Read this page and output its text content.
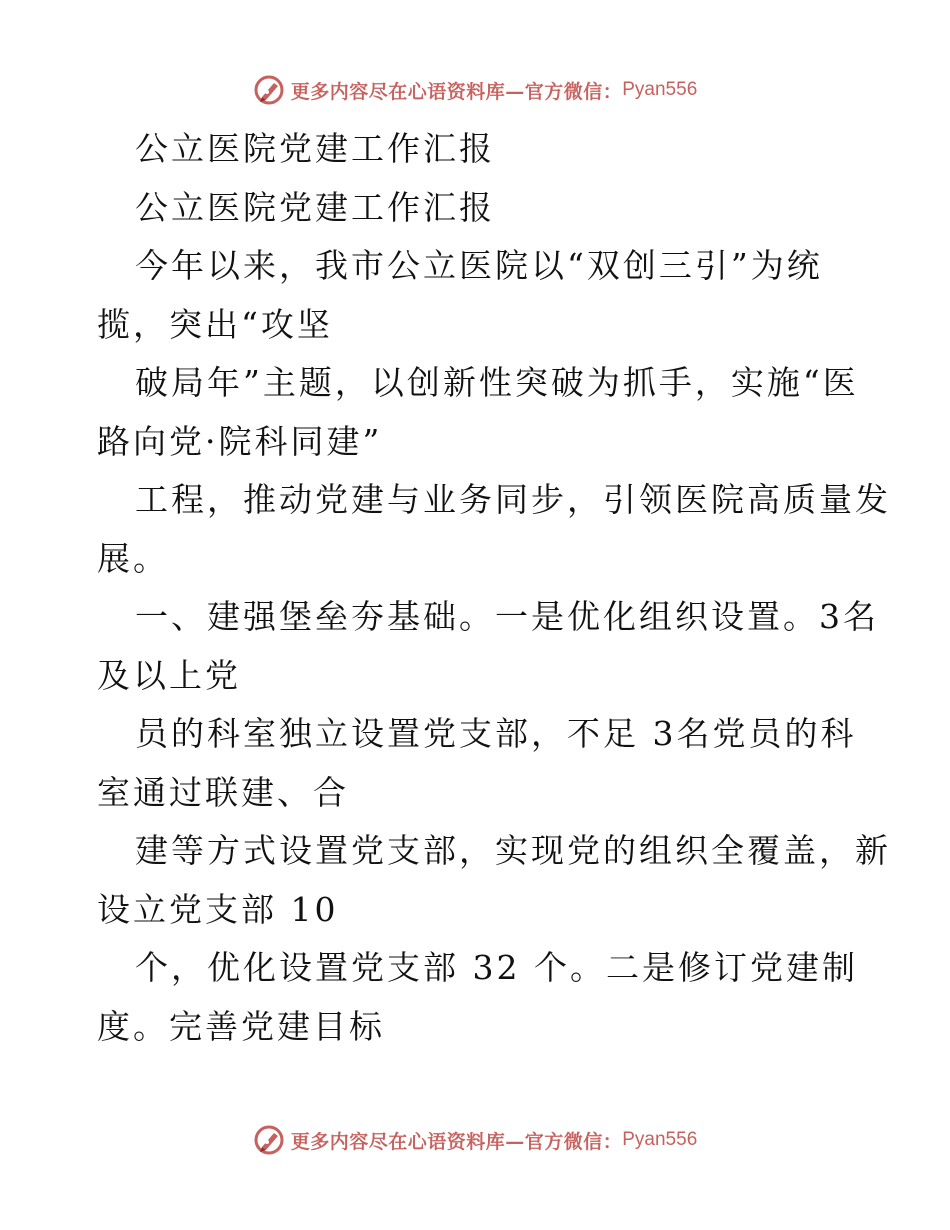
更多内容尽在心语资料库—官方微信： Pyan556
公立医院党建工作汇报
公立医院党建工作汇报
今年以来，我市公立医院以“双创三引”为统
揽，突出“攻坚
破局年”主题，以创新性突破为抓手，实施“医
路向党·院科同建”
工程，推动党建与业务同步，引领医院高质量发
展。
一、建强堡垒夯基础。一是优化组织设置。3名
及以上党
员的科室独立设置党支部，不足 3名党员的科
室通过联建、合
建等方式设置党支部，实现党的组织全覆盖，新
设立党支部 10
个，优化设置党支部 32 个。二是修订党建制
度。完善党建目标
更多内容尽在心语资料库—官方微信： Pyan556
